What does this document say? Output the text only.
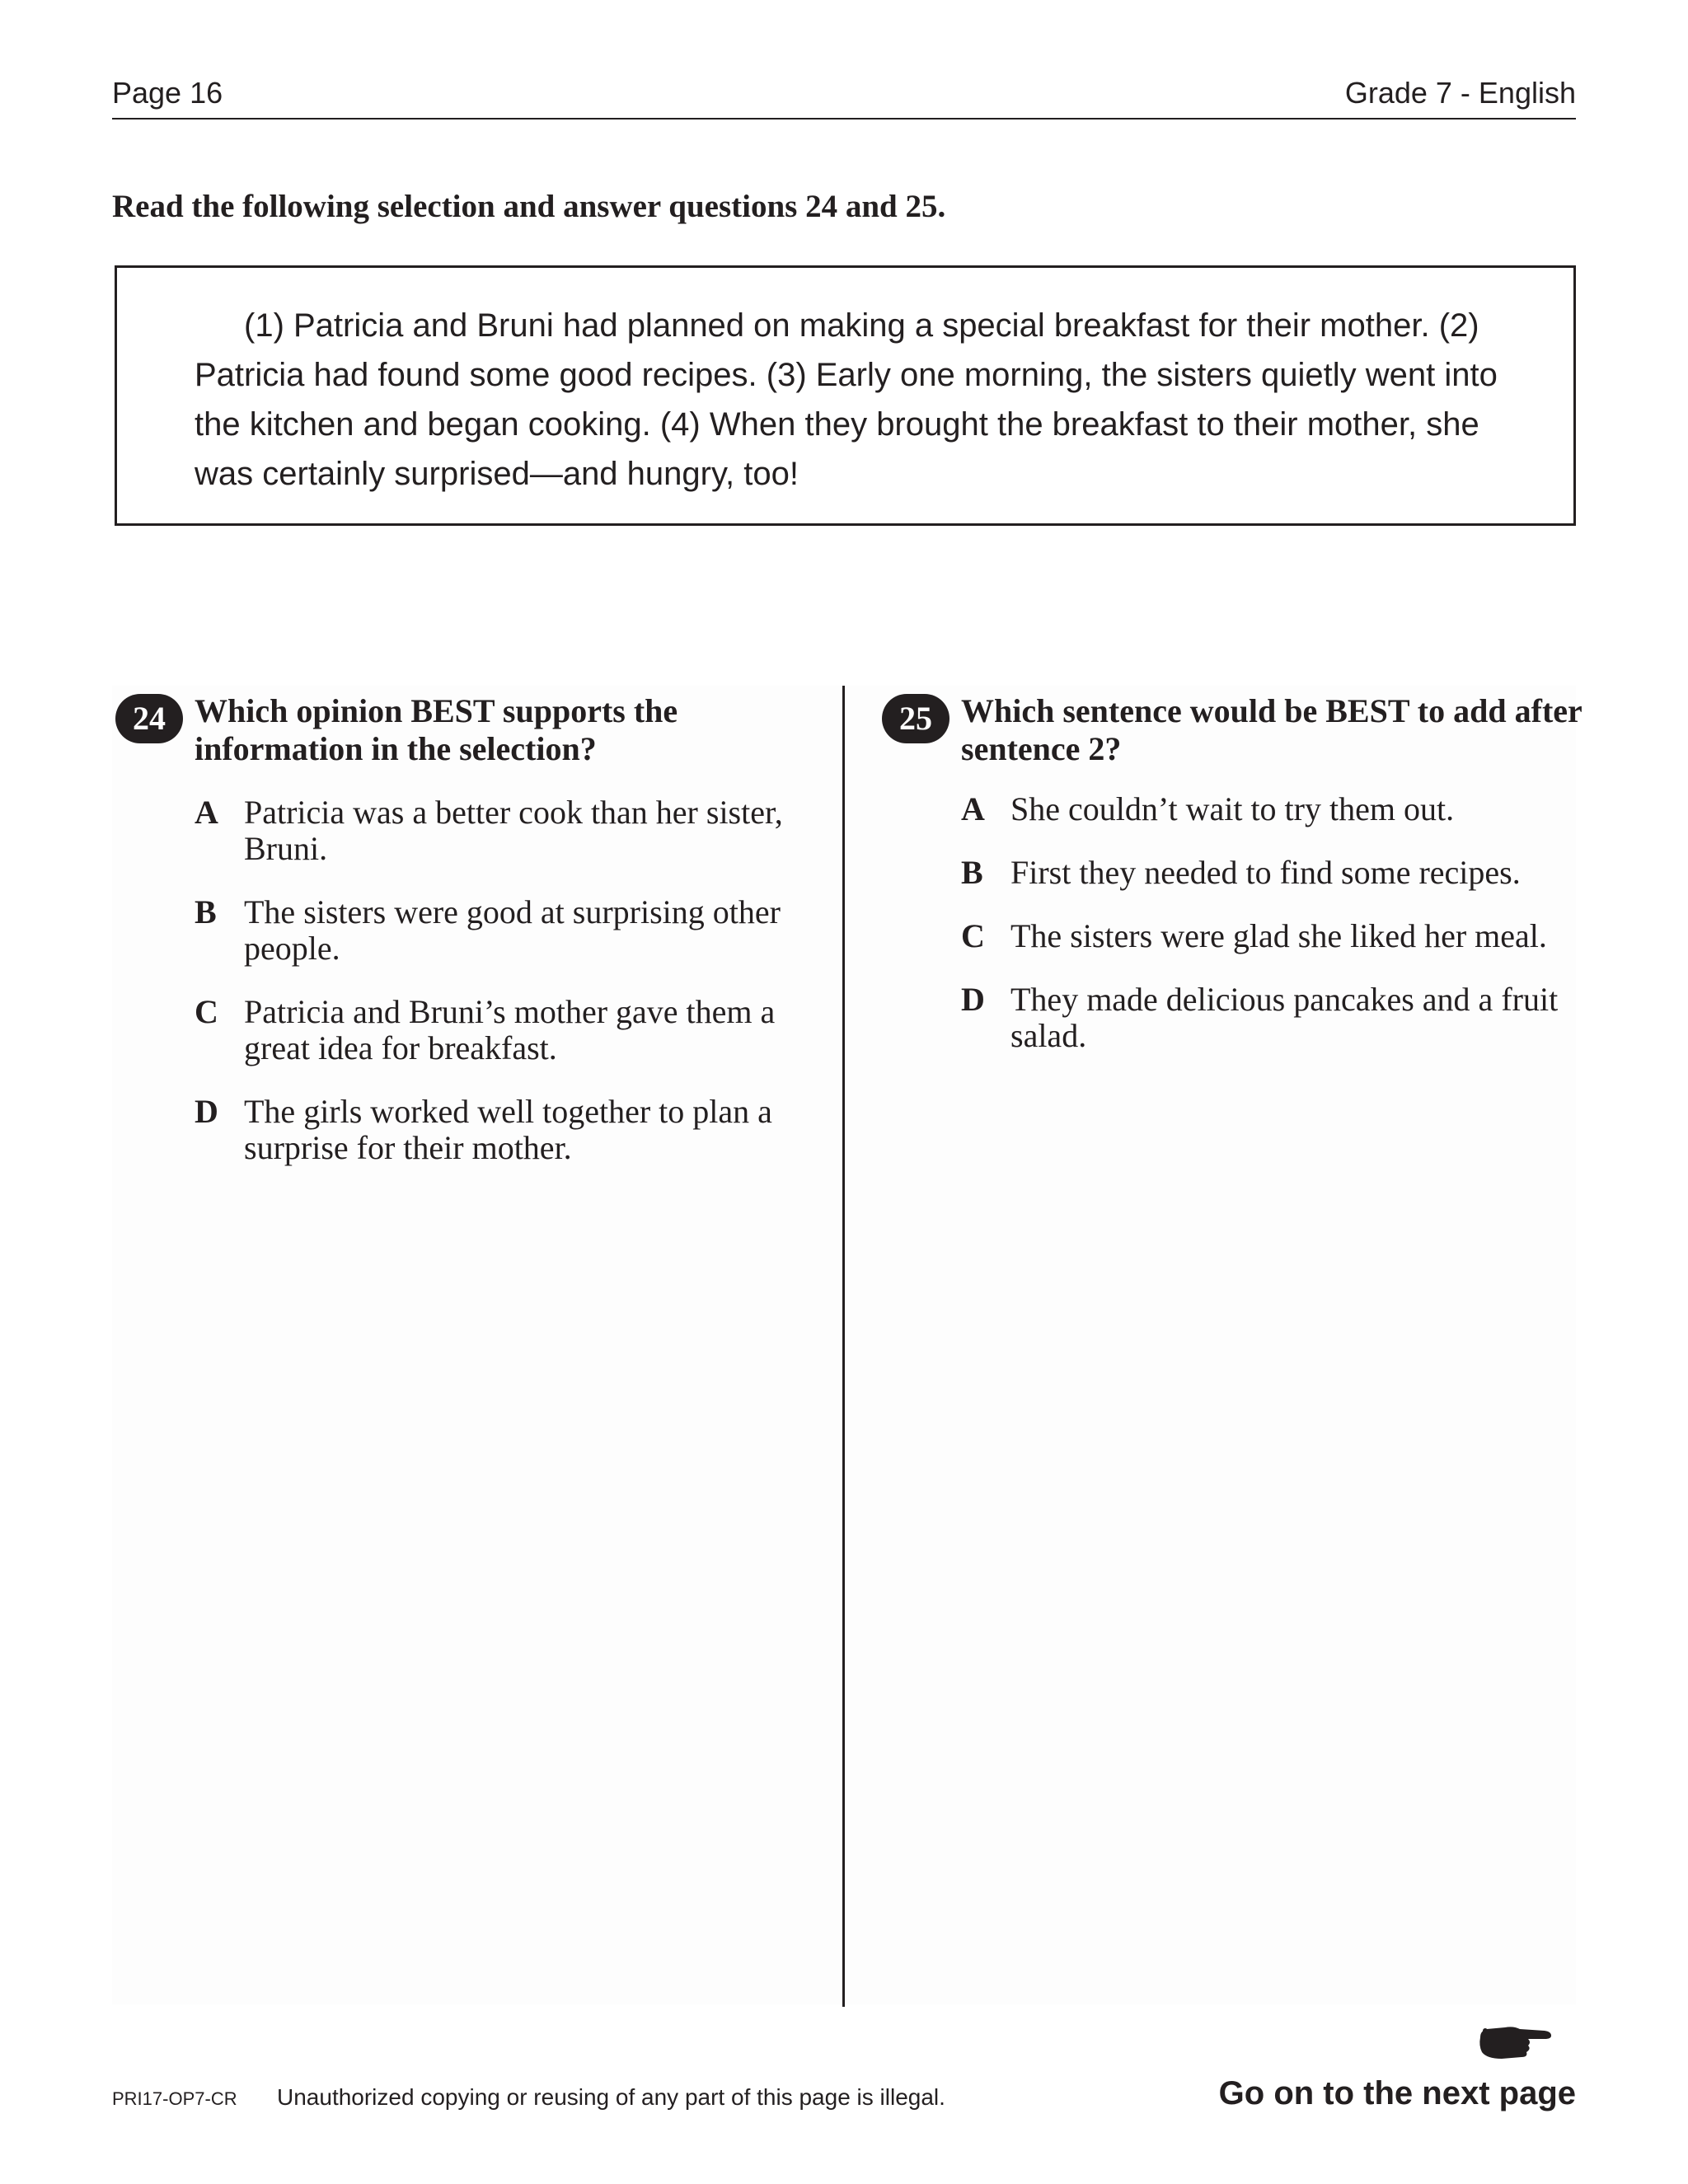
Page 16	Grade 7 - English
Read the following selection and answer questions 24 and 25.

(1) Patricia and Bruni had planned on making a special breakfast for their mother. (2) Patricia had found some good recipes. (3) Early one morning, the sisters quietly went into the kitchen and began cooking. (4) When they brought the breakfast to their mother, she was certainly surprised—and hungry, too!

24 Which opinion BEST supports the information in the selection?
A Patricia was a better cook than her sister, Bruni.
B The sisters were good at surprising other people.
C Patricia and Bruni’s mother gave them a great idea for breakfast.
D The girls worked well together to plan a surprise for their mother.
25 Which sentence would be BEST to add after sentence 2?
A She couldn’t wait to try them out.
B First they needed to find some recipes.
C The sisters were glad she liked her meal.
D They made delicious pancakes and a fruit salad.
PRI17-OP7-CR Unauthorized copying or reusing of any part of this page is illegal.	Go on to the next page
